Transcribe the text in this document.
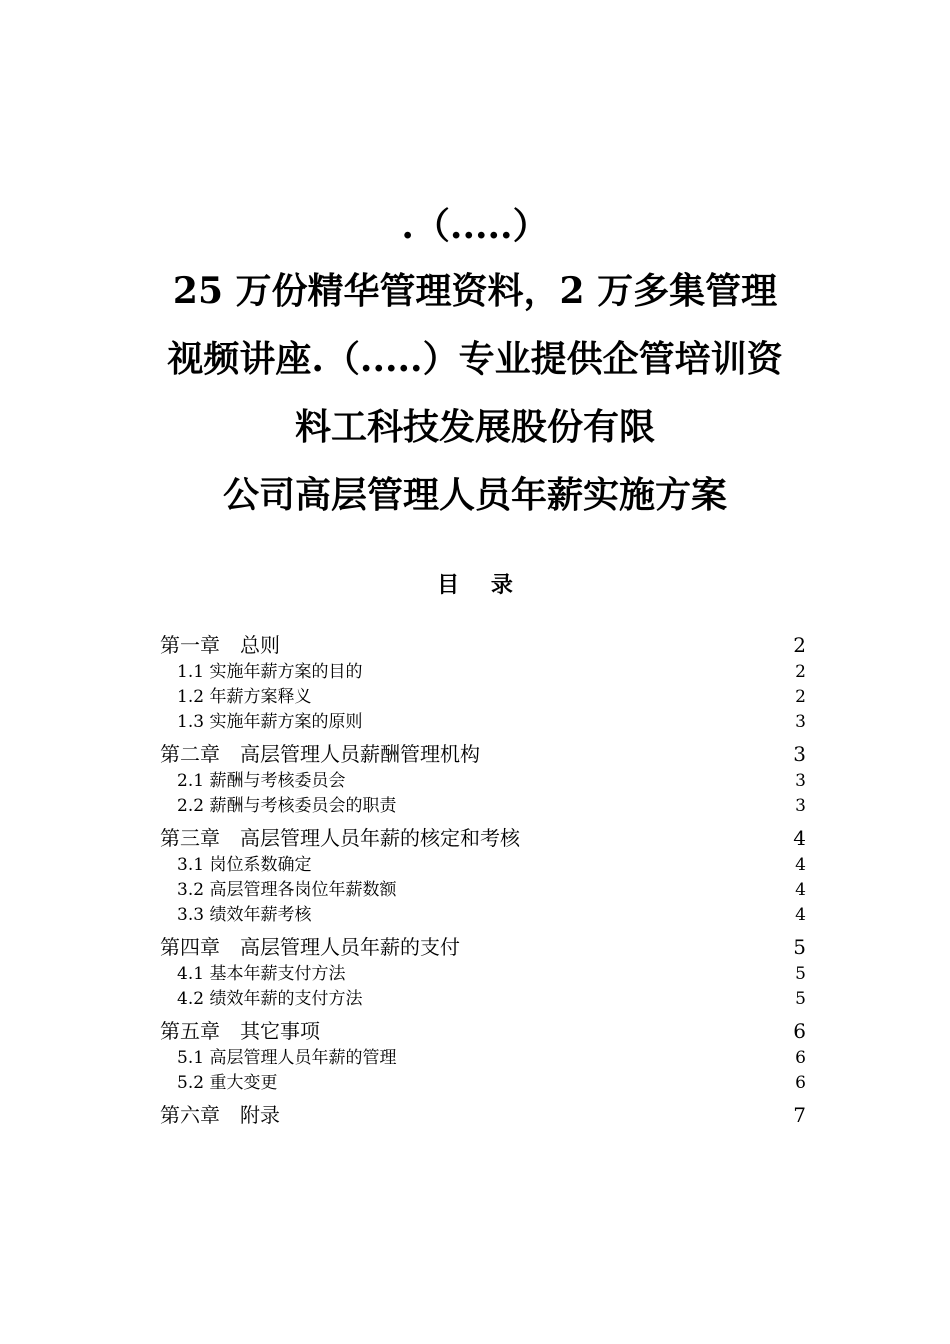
.（.....）
25 万份精华管理资料，2 万多集管理
视频讲座.（.....）专业提供企管培训资
料工科技发展股份有限
公司高层管理人员年薪实施方案
目 录
第一章　总则	2
1.1 实施年薪方案的目的	2
1.2 年薪方案释义	2
1.3 实施年薪方案的原则	3
第二章　高层管理人员薪酬管理机构	3
2.1 薪酬与考核委员会	3
2.2 薪酬与考核委员会的职责	3
第三章　高层管理人员年薪的核定和考核	4
3.1 岗位系数确定	4
3.2 高层管理各岗位年薪数额	4
3.3 绩效年薪考核	4
第四章　高层管理人员年薪的支付	5
4.1 基本年薪支付方法	5
4.2 绩效年薪的支付方法	5
第五章　其它事项	6
5.1 高层管理人员年薪的管理	6
5.2 重大变更	6
第六章　附录	7
